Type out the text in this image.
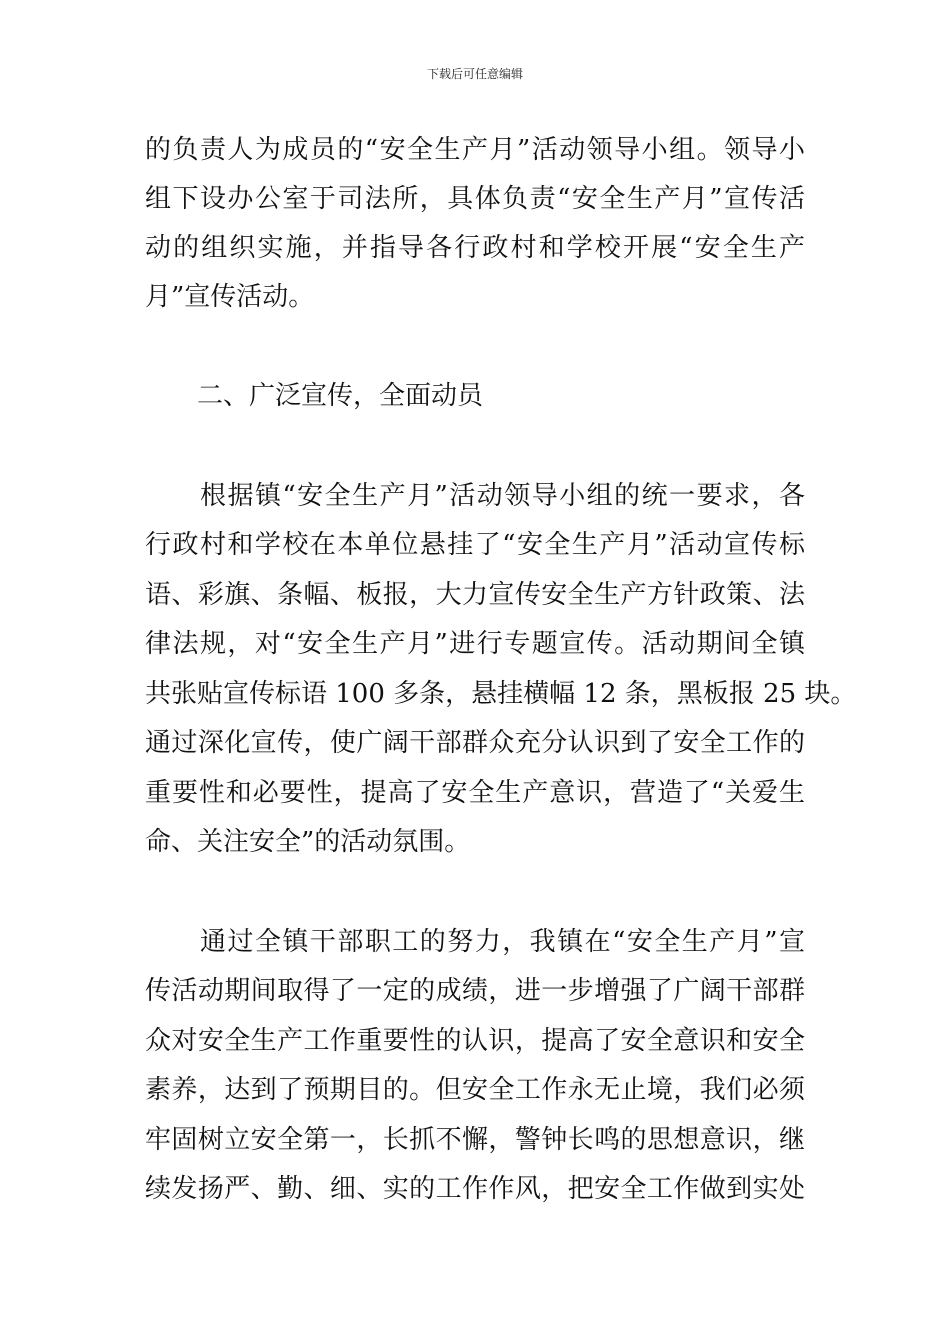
下载后可任意编辑
的负责人为成员的“安全生产月”活动领导小组。领导小
组下设办公室于司法所，具体负责“安全生产月”宣传活
动的组织实施，并指导各行政村和学校开展“安全生产
月”宣传活动。
二、广泛宣传，全面动员
根据镇“安全生产月”活动领导小组的统一要求，各
行政村和学校在本单位悬挂了“安全生产月”活动宣传标
语、彩旗、条幅、板报，大力宣传安全生产方针政策、法
律法规，对“安全生产月”进行专题宣传。活动期间全镇
共张贴宣传标语 100 多条，悬挂横幅 12 条，黑板报 25 块。
通过深化宣传，使广阔干部群众充分认识到了安全工作的
重要性和必要性，提高了安全生产意识，营造了“关爱生
命、关注安全”的活动氛围。
通过全镇干部职工的努力，我镇在“安全生产月”宣
传活动期间取得了一定的成绩，进一步增强了广阔干部群
众对安全生产工作重要性的认识，提高了安全意识和安全
素养，达到了预期目的。但安全工作永无止境，我们必须
牢固树立安全第一，长抓不懈，警钟长鸣的思想意识，继
续发扬严、勤、细、实的工作作风，把安全工作做到实处
